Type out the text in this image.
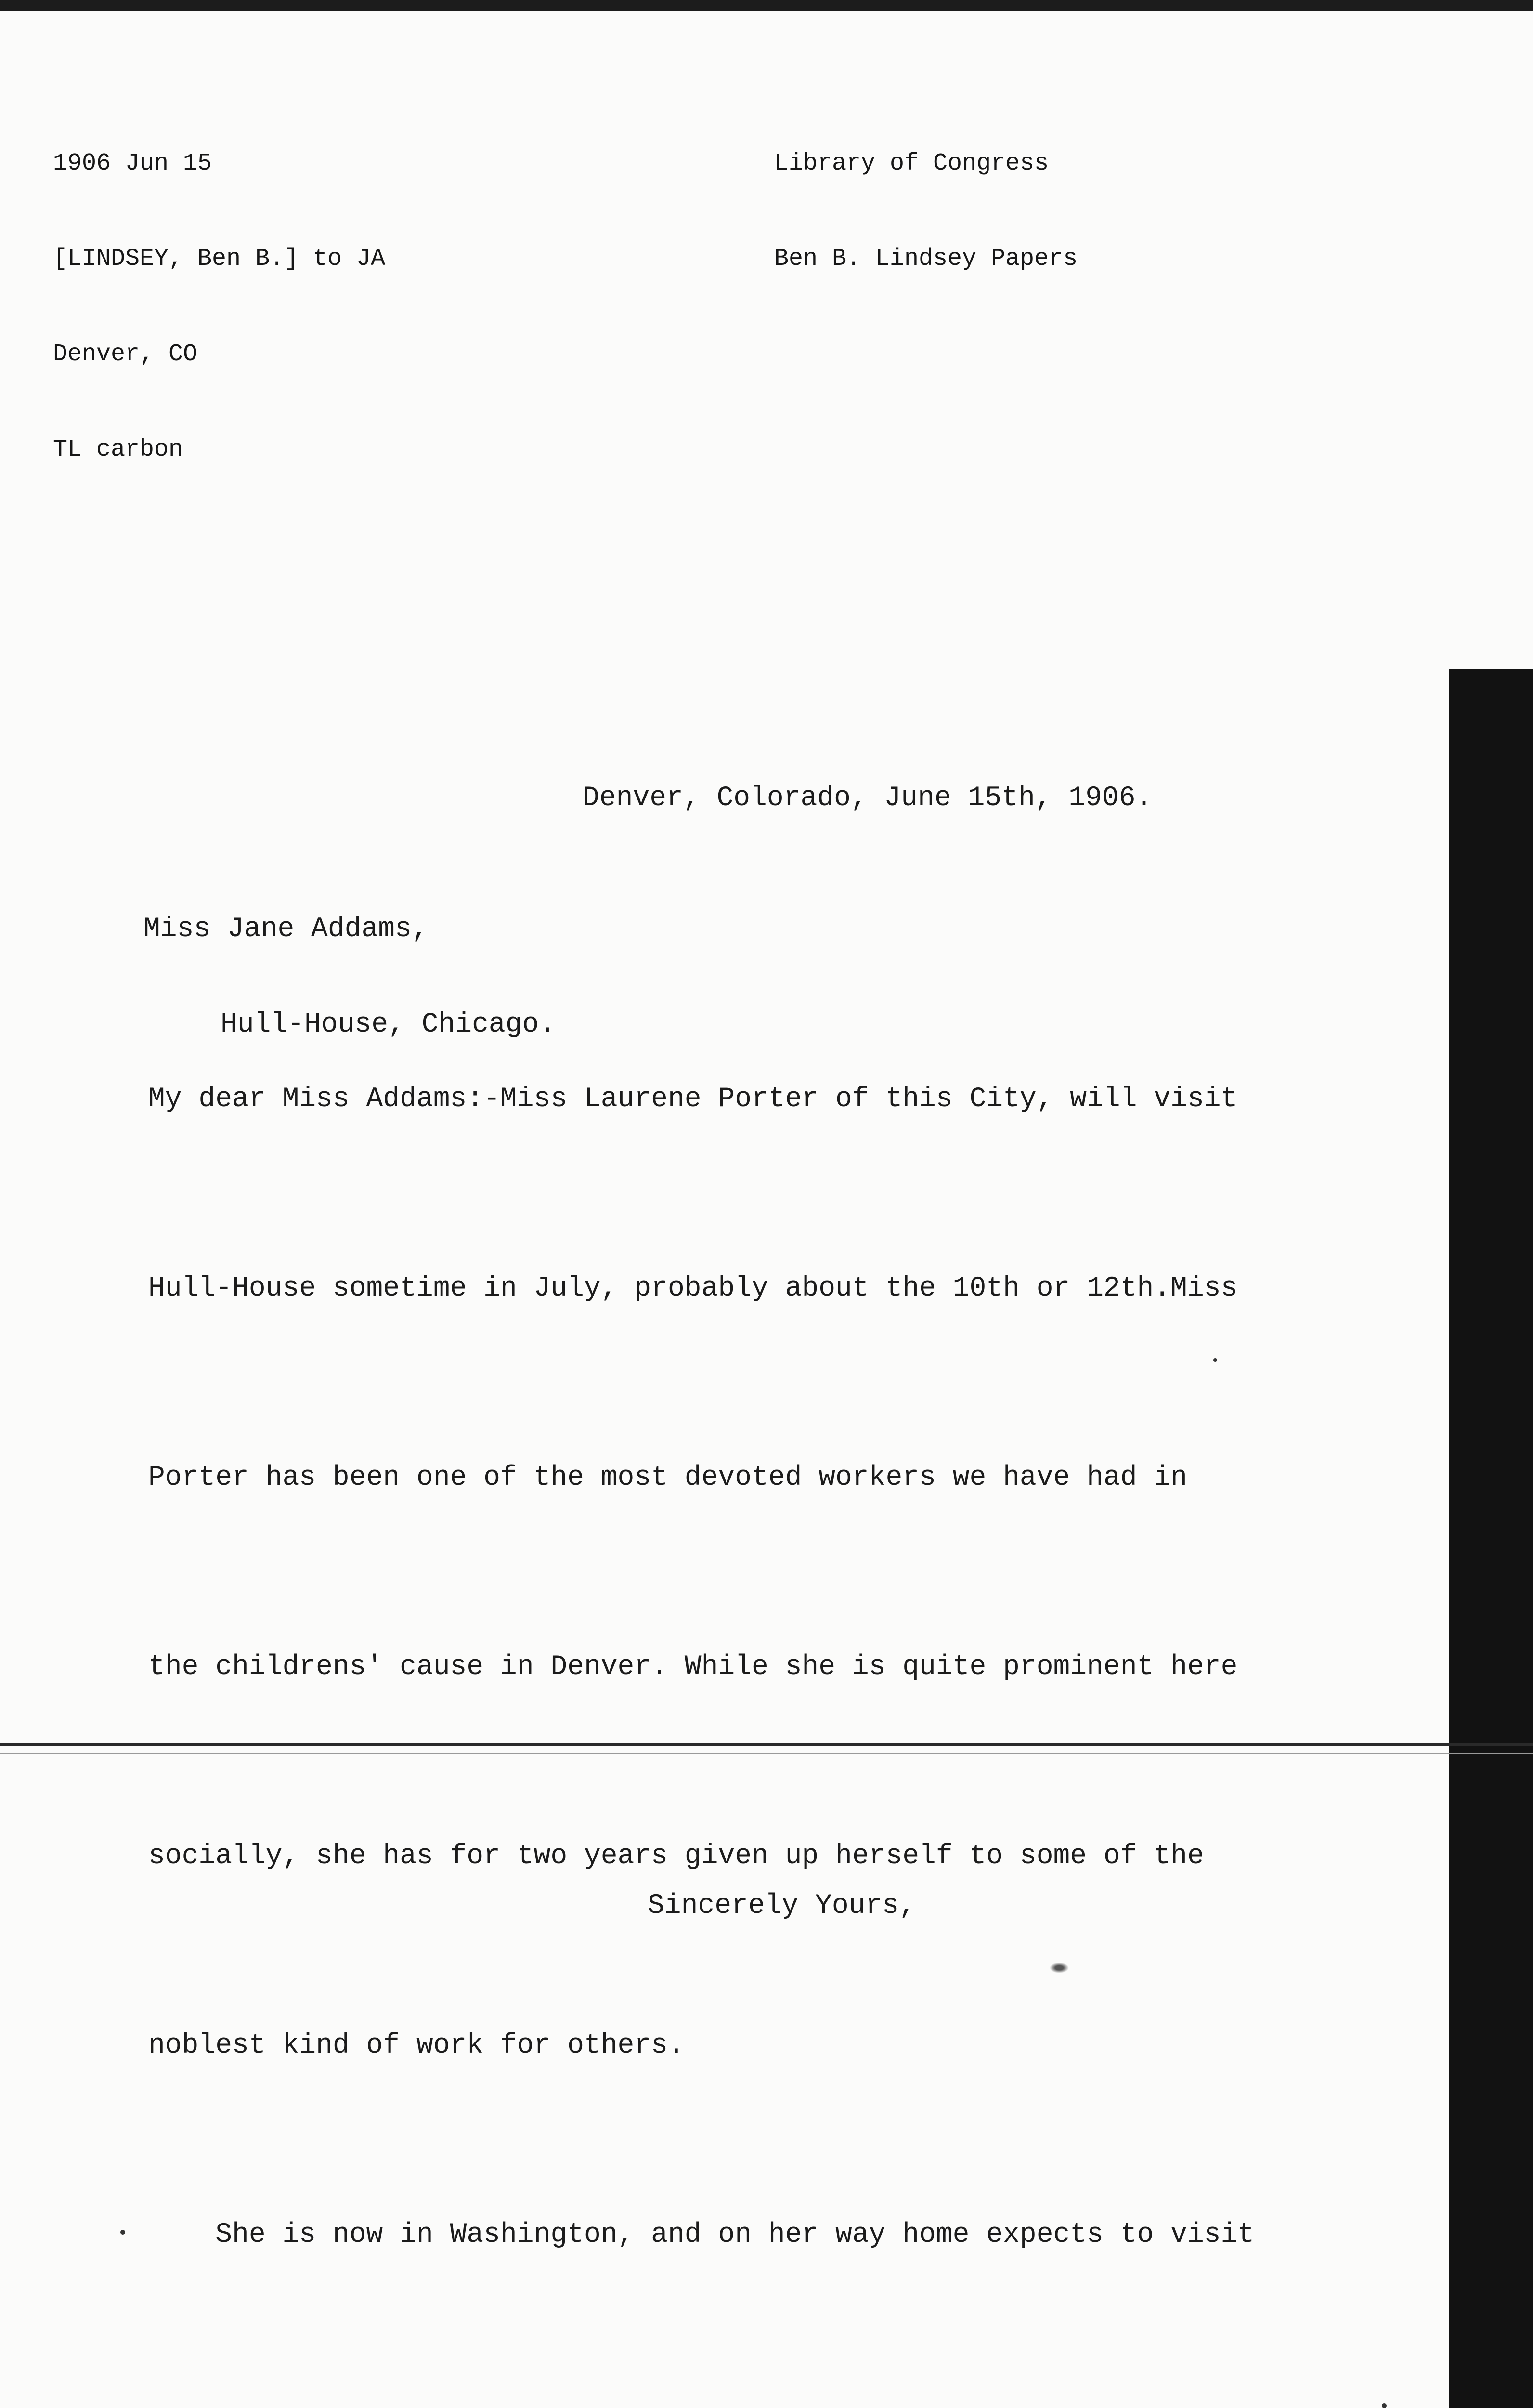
1906 Jun 15

[LINDSEY, Ben B.] to JA

Denver, CO

TL carbon

Library of Congress

Ben B. Lindsey Papers

Denver, Colorado, June 15th, 1906.

Miss Jane Addams,

Hull-House, Chicago.

My dear Miss Addams:-Miss Laurene Porter of this City, will visit

Hull-House sometime in July, probably about the 10th or 12th.Miss

Porter has been one of the most devoted workers we have had in

the childrens' cause in Denver. While she is quite prominent here

socially, she has for two years given up herself to some of the

noblest kind of work for others.

She is now in Washington, and on her way home expects to visit

Sincerely Yours,
